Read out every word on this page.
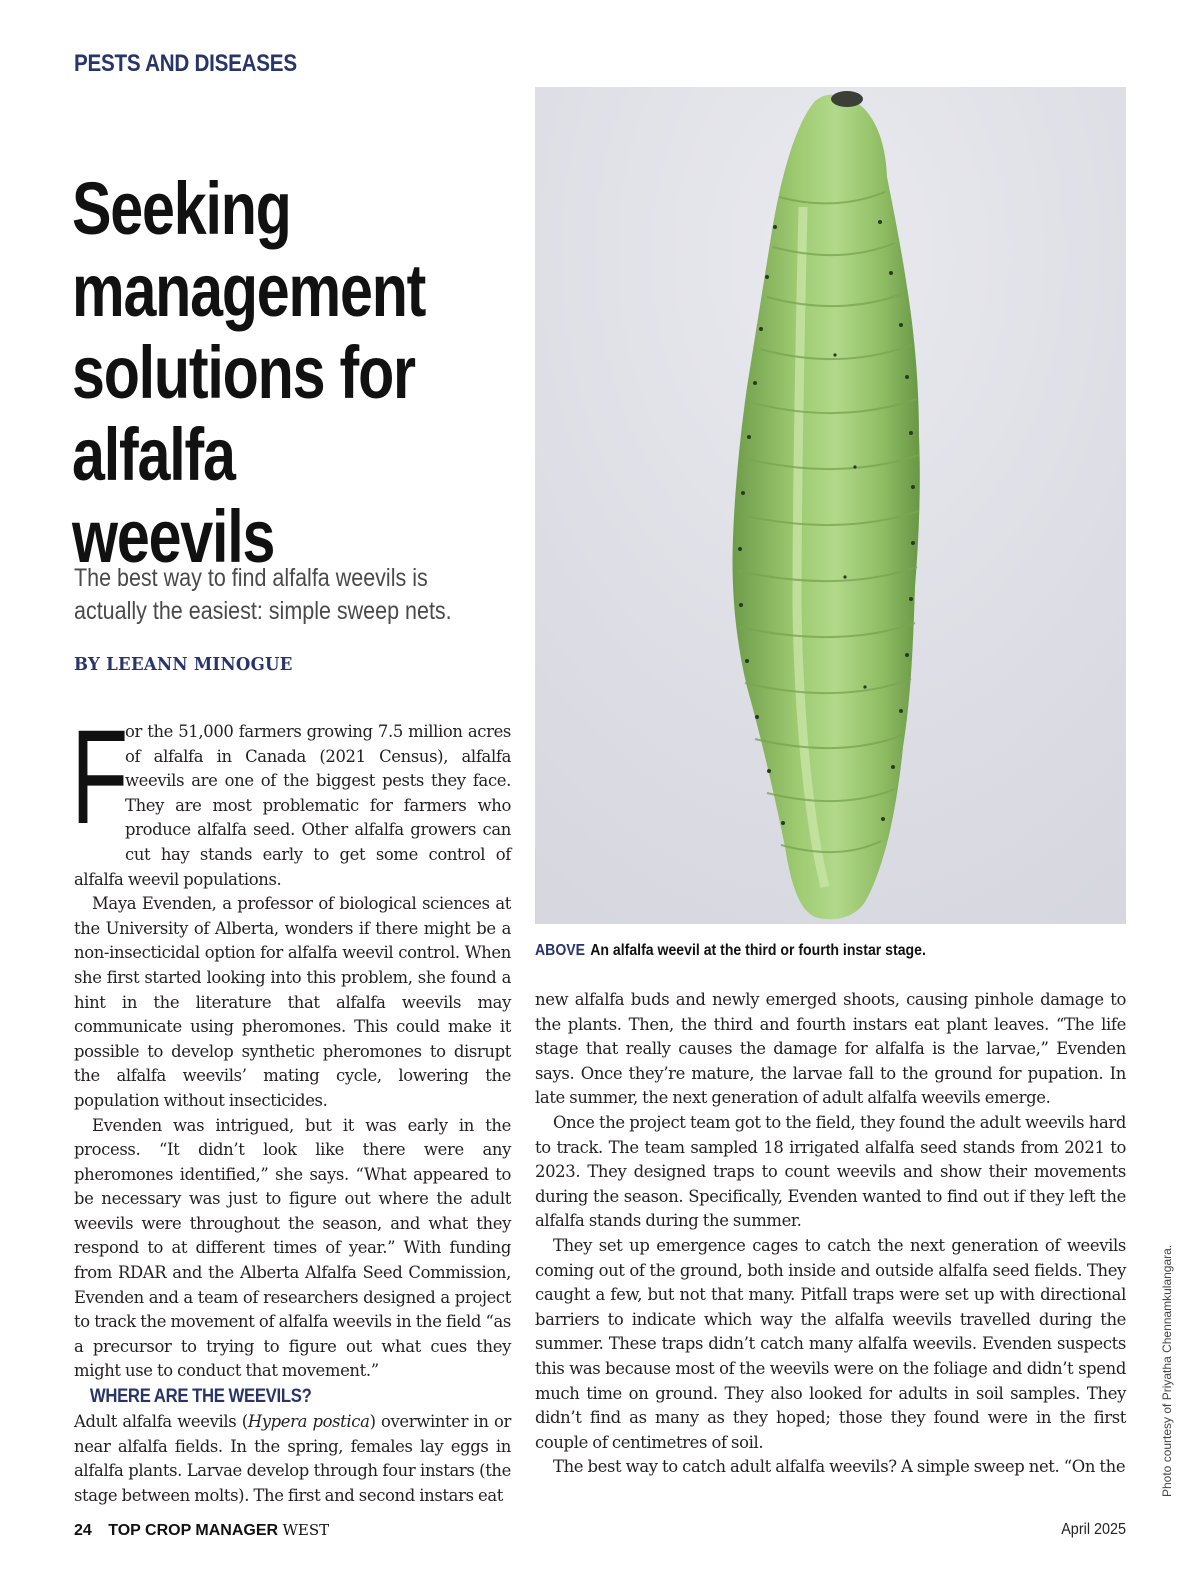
PESTS AND DISEASES
Seeking
management
solutions for
alfalfa
weevils

The best way to find alfalfa weevils is
actually the easiest: simple sweep nets.

BY LEEANN MINOGUE

F
or the 51,000 farmers growing 7.5 million acres of alfalfa in Canada (2021 Census), alfalfa weevils are one of the biggest pests they face. They are most problematic for farmers who produce alfalfa seed. Other alfalfa growers can cut hay stands early to get some control of alfalfa weevil populations.

Maya Evenden, a professor of biological sciences at the University of Alberta, wonders if there might be a non-insecticidal option for alfalfa weevil control. When she first started looking into this problem, she found a hint in the literature that alfalfa weevils may communicate using pheromones. This could make it possible to develop synthetic pheromones to disrupt the alfalfa weevils’ mating cycle, lowering the population without insecticides.

Evenden was intrigued, but it was early in the process. “It didn’t look like there were any pheromones identified,” she says. “What appeared to be necessary was just to figure out where the adult weevils were throughout the season, and what they respond to at different times of year.” With funding from RDAR and the Alberta Alfalfa Seed Commission, Evenden and a team of researchers designed a project to track the movement of alfalfa weevils in the field “as a precursor to trying to figure out what cues they might use to conduct that movement.”

WHERE ARE THE WEEVILS?

Adult alfalfa weevils (Hypera postica) overwinter in or near alfalfa fields. In the spring, females lay eggs in alfalfa plants. Larvae develop through four instars (the stage between molts). The first and second instars eat

ABOVE An alfalfa weevil at the third or fourth instar stage.

new alfalfa buds and newly emerged shoots, causing pinhole damage to the plants. Then, the third and fourth instars eat plant leaves. “The life stage that really causes the damage for alfalfa is the larvae,” Evenden says. Once they’re mature, the larvae fall to the ground for pupation. In late summer, the next generation of adult alfalfa weevils emerge.

Once the project team got to the field, they found the adult weevils hard to track. The team sampled 18 irrigated alfalfa seed stands from 2021 to 2023. They designed traps to count weevils and show their movements during the season. Specifically, Evenden wanted to find out if they left the alfalfa stands during the summer.

They set up emergence cages to catch the next generation of weevils coming out of the ground, both inside and outside alfalfa seed fields. They caught a few, but not that many. Pitfall traps were set up with directional barriers to indicate which way the alfalfa weevils travelled during the summer. These traps didn’t catch many alfalfa weevils. Evenden suspects this was because most of the weevils were on the foliage and didn’t spend much time on ground. They also looked for adults in soil samples. They didn’t find as many as they hoped; those they found were in the first couple of centimetres of soil.

The best way to catch adult alfalfa weevils? A simple sweep net. “On the	Photo courtesy of Priyatha Chennamkulangara.
24 TOP CROP MANAGER WEST	April 2025
